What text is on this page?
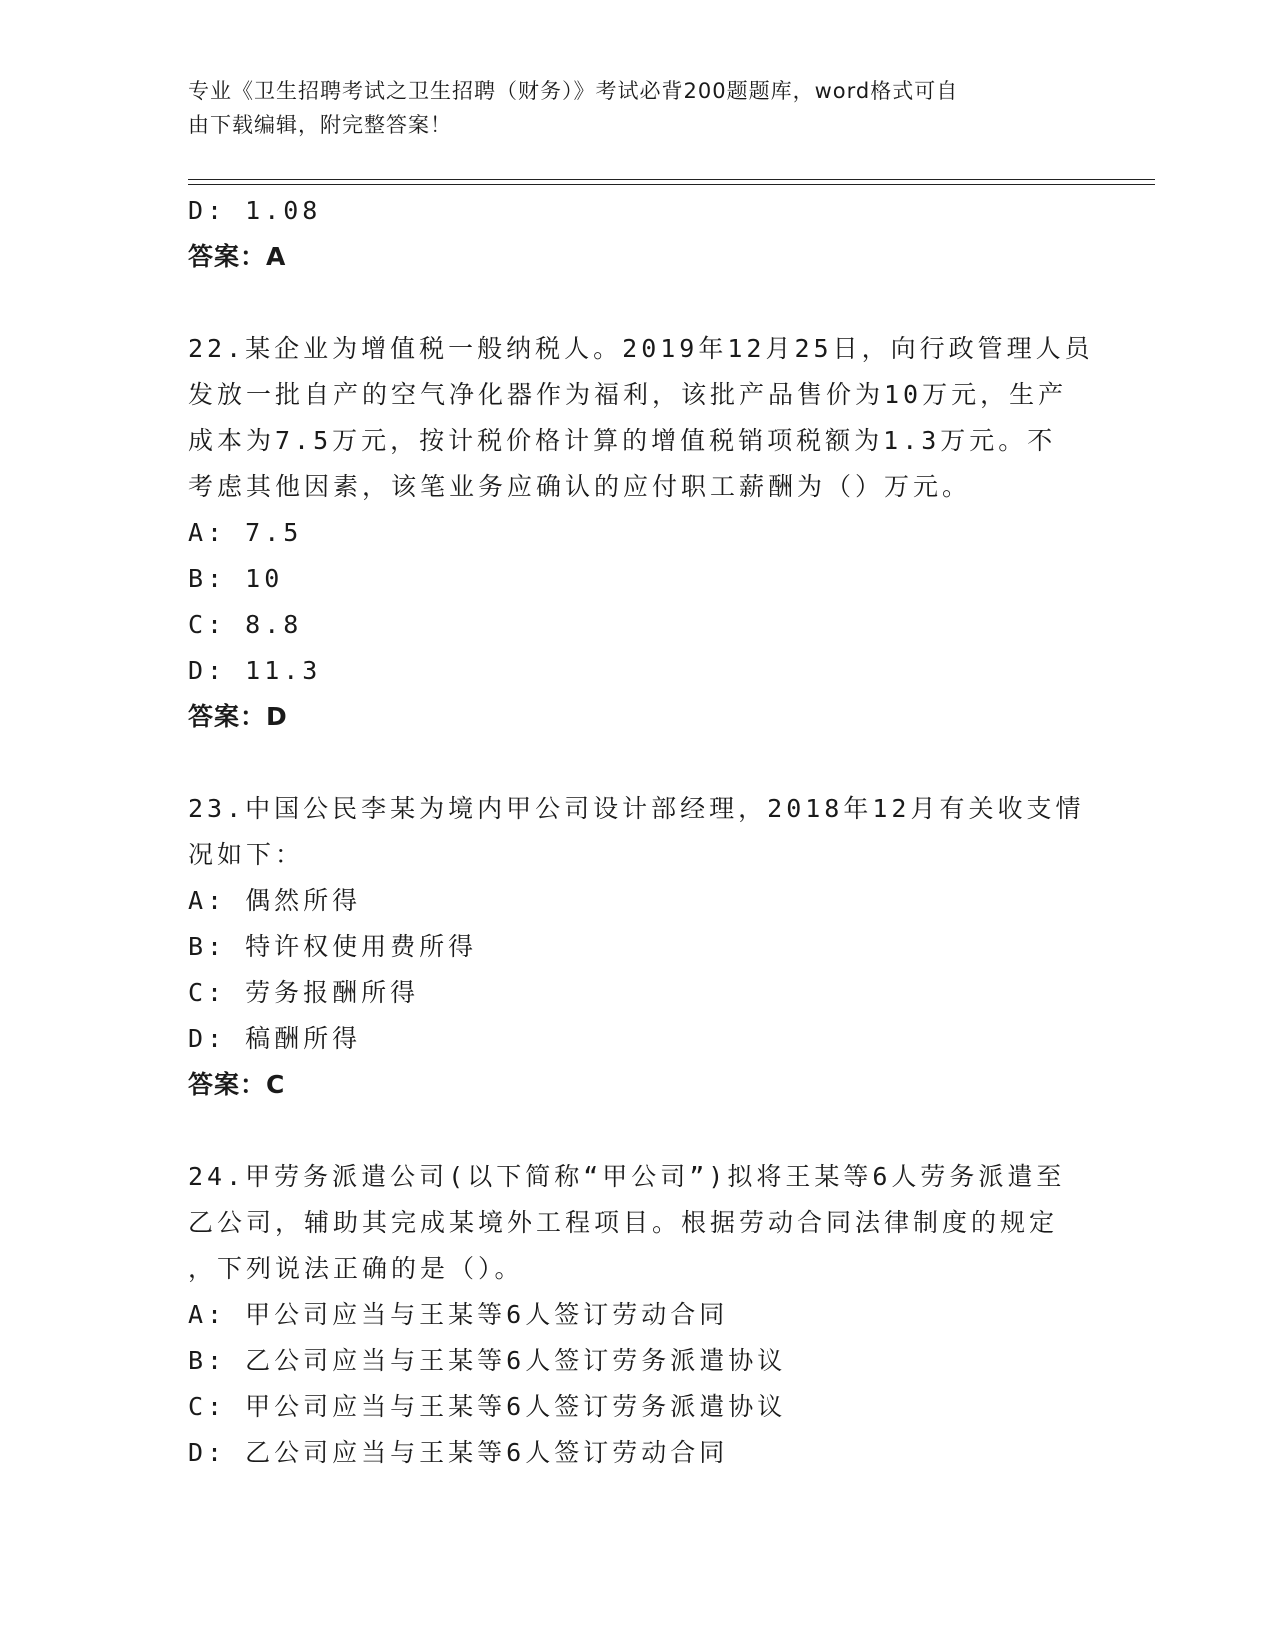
专业《卫生招聘考试之卫生招聘（财务）》考试必背200题题库，word格式可自
由下载编辑，附完整答案！

D: 1.08

答案：A

22.某企业为增值税一般纳税人。2019年12月25日，向行政管理人员

发放一批自产的空气净化器作为福利，该批产品售价为10万元，生产

成本为7.5万元，按计税价格计算的增值税销项税额为1.3万元。不

考虑其他因素，该笔业务应确认的应付职工薪酬为（）万元。

A: 7.5

B: 10

C: 8.8

D: 11.3

答案：D

23.中国公民李某为境内甲公司设计部经理，2018年12月有关收支情

况如下：

A: 偶然所得

B: 特许权使用费所得

C: 劳务报酬所得

D: 稿酬所得

答案：C

24.甲劳务派遣公司(以下简称“甲公司”)拟将王某等6人劳务派遣至

乙公司，辅助其完成某境外工程项目。根据劳动合同法律制度的规定

，下列说法正确的是（）。

A: 甲公司应当与王某等6人签订劳动合同

B: 乙公司应当与王某等6人签订劳务派遣协议

C: 甲公司应当与王某等6人签订劳务派遣协议

D: 乙公司应当与王某等6人签订劳动合同
